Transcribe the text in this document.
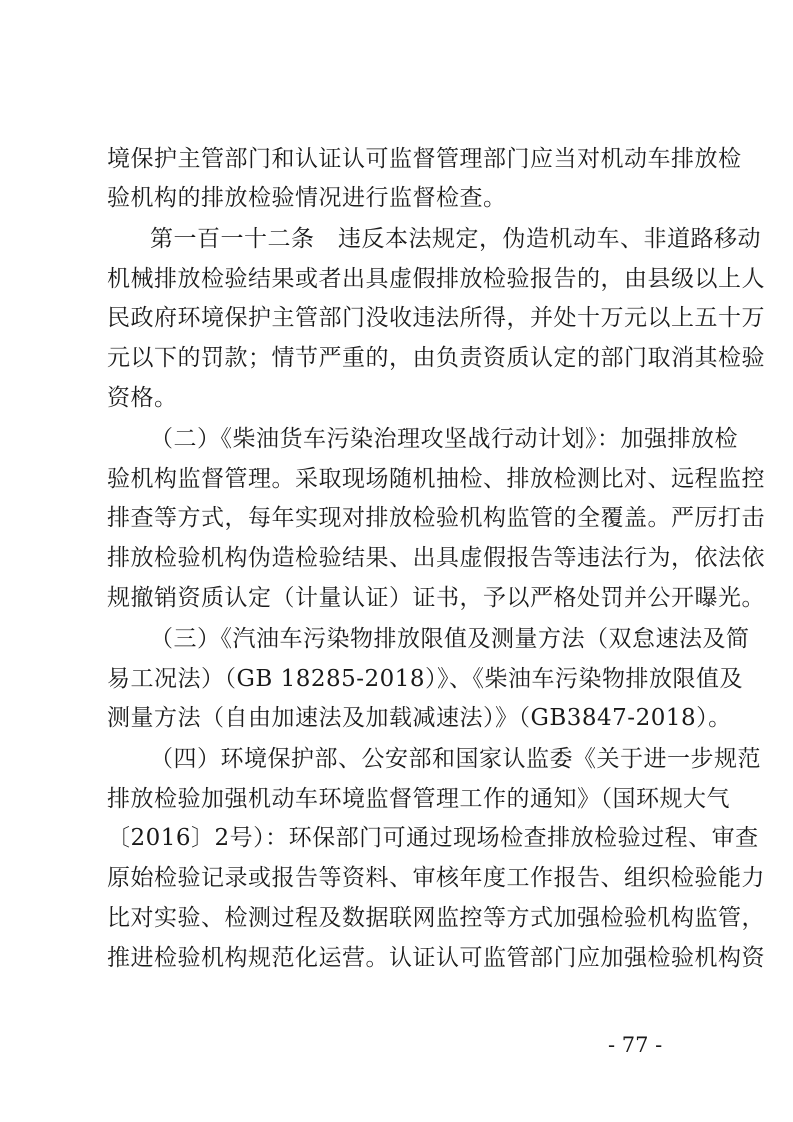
境保护主管部门和认证认可监督管理部门应当对机动车排放检
验机构的排放检验情况进行监督检查。
第一百一十二条　违反本法规定，伪造机动车、非道路移动
机械排放检验结果或者出具虚假排放检验报告的，由县级以上人
民政府环境保护主管部门没收违法所得，并处十万元以上五十万
元以下的罚款；情节严重的，由负责资质认定的部门取消其检验
资格。
（二）《柴油货车污染治理攻坚战行动计划》：加强排放检
验机构监督管理。采取现场随机抽检、排放检测比对、远程监控
排查等方式，每年实现对排放检验机构监管的全覆盖。严厉打击
排放检验机构伪造检验结果、出具虚假报告等违法行为，依法依
规撤销资质认定（计量认证）证书，予以严格处罚并公开曝光。
（三）《汽油车污染物排放限值及测量方法（双怠速法及简
易工况法）（GB 18285-2018）》、《柴油车污染物排放限值及
测量方法（自由加速法及加载减速法）》（GB3847-2018）。
（四）环境保护部、公安部和国家认监委《关于进一步规范
排放检验加强机动车环境监督管理工作的通知》（国环规大气
〔2016〕2号）：环保部门可通过现场检查排放检验过程、审查
原始检验记录或报告等资料、审核年度工作报告、组织检验能力
比对实验、检测过程及数据联网监控等方式加强检验机构监管，
推进检验机构规范化运营。认证认可监管部门应加强检验机构资
- 77 -
